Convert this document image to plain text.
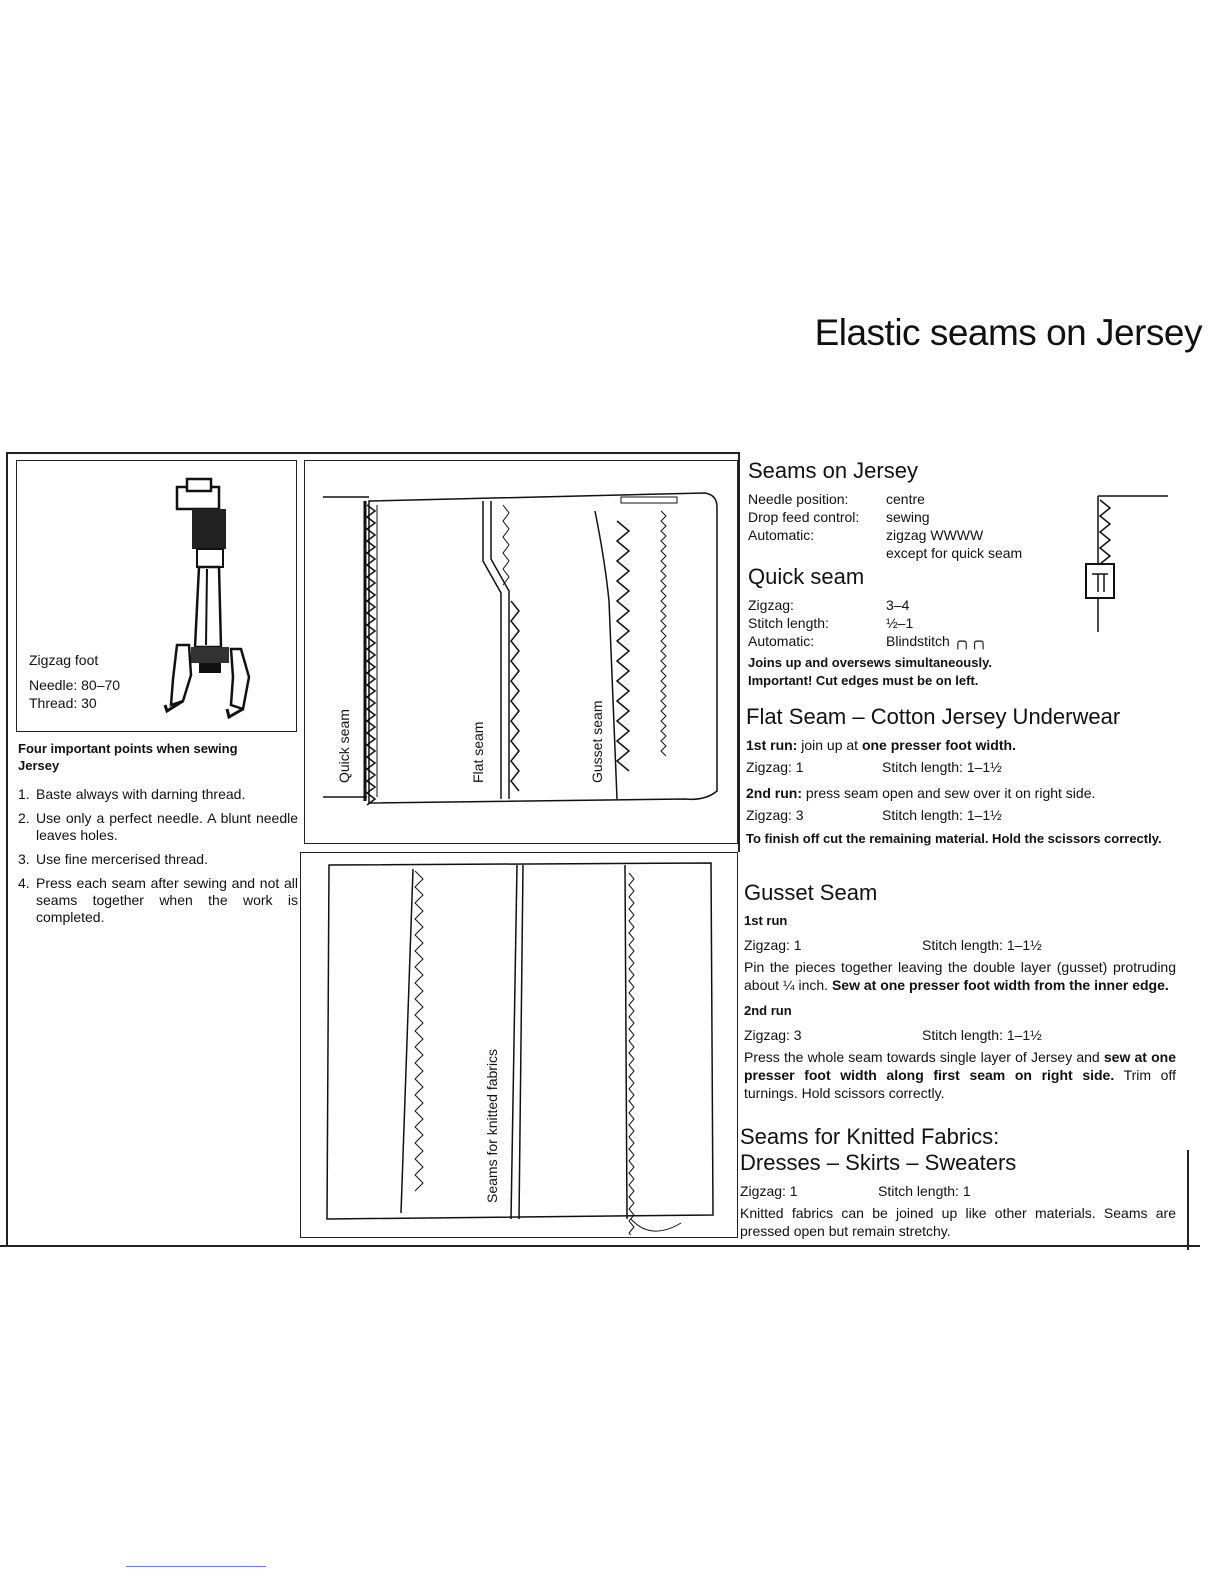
Elastic seams on Jersey
Zigzag foot
Needle: 80–70
Thread: 30
Four important points when sewing Jersey
1. Baste always with darning thread.
2. Use only a perfect needle. A blunt needle leaves holes.
3. Use fine mercerised thread.
4. Press each seam after sewing and not all seams together when the work is completed.
Quick seam	Flat seam	Gusset seam
Seams for knitted fabrics
Seams on Jersey
Needle position:	centre
Drop feed control:	sewing
Automatic:	zigzag WWWW
except for quick seam
Quick seam
Zigzag:	3–4
Stitch length:	½–1
Automatic:	Blindstitch ╭╮╭╮
Joins up and oversews simultaneously.
Important! Cut edges must be on left.
Flat Seam – Cotton Jersey Underwear
1st run: join up at one presser foot width.
Zigzag: 1	Stitch length: 1–1½
2nd run: press seam open and sew over it on right side.
Zigzag: 3	Stitch length: 1–1½
To finish off cut the remaining material. Hold the scissors correctly.
Gusset Seam
1st run
Zigzag: 1	Stitch length: 1–1½
Pin the pieces together leaving the double layer (gusset) protruding about ¼ inch. Sew at one presser foot width from the inner edge.
2nd run
Zigzag: 3	Stitch length: 1–1½
Press the whole seam towards single layer of Jersey and sew at one presser foot width along first seam on right side. Trim off turnings. Hold scissors correctly.
Seams for Knitted Fabrics:
Dresses – Skirts – Sweaters
Zigzag: 1	Stitch length: 1
Knitted fabrics can be joined up like other materials. Seams are pressed open but remain stretchy.
